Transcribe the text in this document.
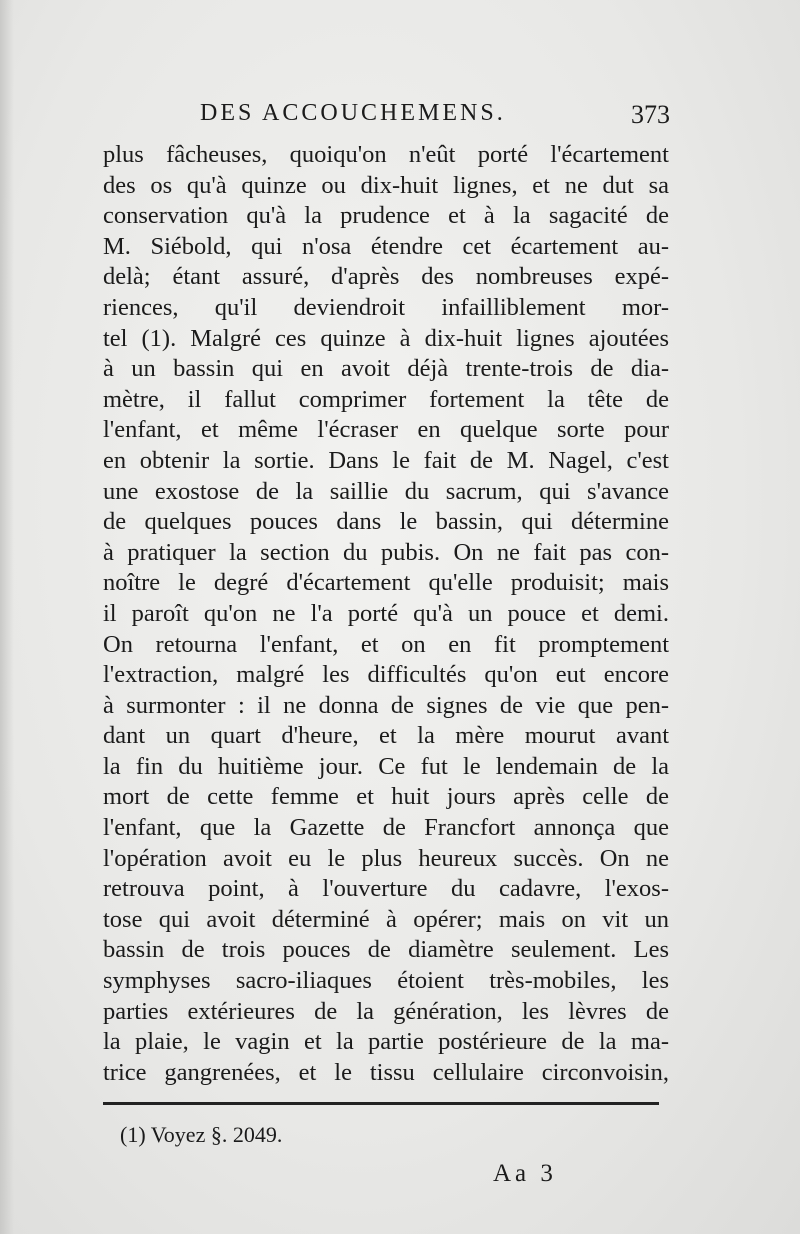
DES ACCOUCHEMENS.	373
plus fâcheuses, quoiqu'on n'eût porté l'écartement
des os qu'à quinze ou dix-huit lignes, et ne dut sa
conservation qu'à la prudence et à la sagacité de
M. Siébold, qui n'osa étendre cet écartement au-
delà; étant assuré, d'après des nombreuses expé-
riences, qu'il deviendroit infailliblement mor-
tel (1). Malgré ces quinze à dix-huit lignes ajoutées
à un bassin qui en avoit déjà trente-trois de dia-
mètre, il fallut comprimer fortement la tête de
l'enfant, et même l'écraser en quelque sorte pour
en obtenir la sortie. Dans le fait de M. Nagel, c'est
une exostose de la saillie du sacrum, qui s'avance
de quelques pouces dans le bassin, qui détermine
à pratiquer la section du pubis. On ne fait pas con-
noître le degré d'écartement qu'elle produisit; mais
il paroît qu'on ne l'a porté qu'à un pouce et demi.
On retourna l'enfant, et on en fit promptement
l'extraction, malgré les difficultés qu'on eut encore
à surmonter : il ne donna de signes de vie que pen-
dant un quart d'heure, et la mère mourut avant
la fin du huitième jour. Ce fut le lendemain de la
mort de cette femme et huit jours après celle de
l'enfant, que la Gazette de Francfort annonça que
l'opération avoit eu le plus heureux succès. On ne
retrouva point, à l'ouverture du cadavre, l'exos-
tose qui avoit déterminé à opérer; mais on vit un
bassin de trois pouces de diamètre seulement. Les
symphyses sacro-iliaques étoient très-mobiles, les
parties extérieures de la génération, les lèvres de
la plaie, le vagin et la partie postérieure de la ma-
trice gangrenées, et le tissu cellulaire circonvoisin,
(1) Voyez §. 2049.
Aa 3
